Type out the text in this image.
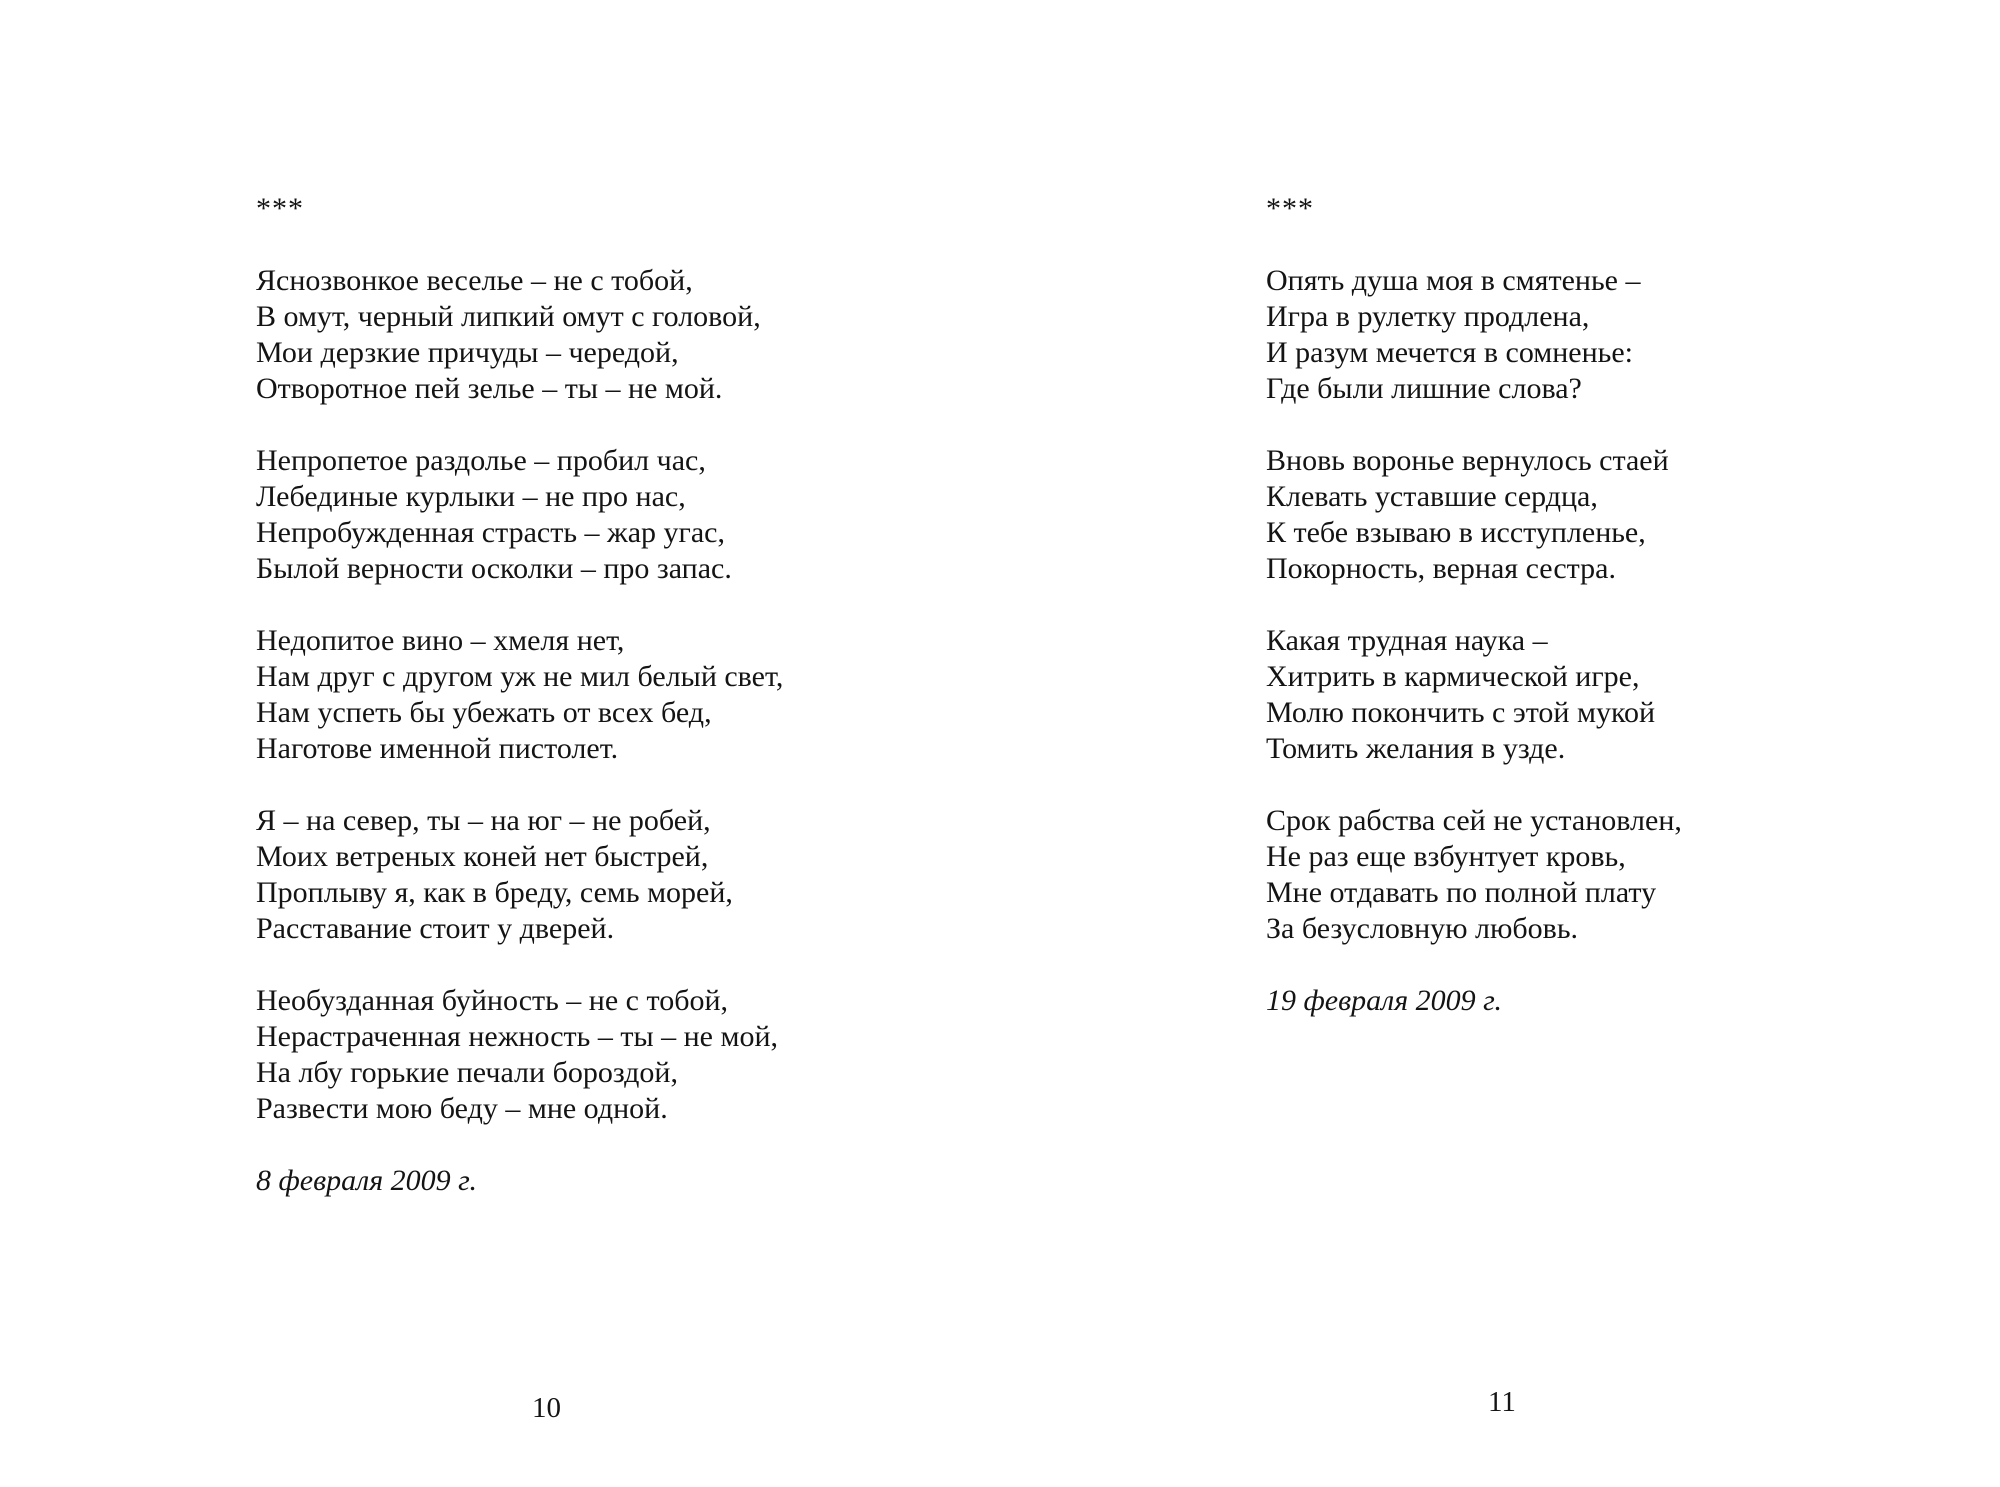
***
Яснозвонкое веселье – не с тобой,
В омут, черный липкий омут с головой,
Мои дерзкие причуды – чередой,
Отворотное пей зелье – ты – не мой.
Непропетое раздолье – пробил час,
Лебединые курлыки – не про нас,
Непробужденная страсть – жар угас,
Былой верности осколки – про запас.
Недопитое вино – хмеля нет,
Нам друг с другом уж не мил белый свет,
Нам успеть бы убежать от всех бед,
Наготове именной пистолет.
Я – на север, ты – на юг – не робей,
Моих ветреных коней нет быстрей,
Проплыву я, как в бреду, семь морей,
Расставание стоит у дверей.
Необузданная буйность – не с тобой,
Нерастраченная нежность – ты – не мой,
На лбу горькие печали бороздой,
Развести мою беду – мне одной.
8 февраля 2009 г.
10
***
Опять душа моя в смятенье –
Игра в рулетку продлена,
И разум мечется в сомненье:
Где были лишние слова?
Вновь воронье вернулось стаей
Клевать уставшие сердца,
К тебе взываю в исступленье,
Покорность, верная сестра.
Какая трудная наука –
Хитрить в кармической игре,
Молю покончить с этой мукой
Томить желания в узде.
Срок рабства сей не установлен,
Не раз еще взбунтует кровь,
Мне отдавать по полной плату
За безусловную любовь.
19 февраля 2009 г.
11
